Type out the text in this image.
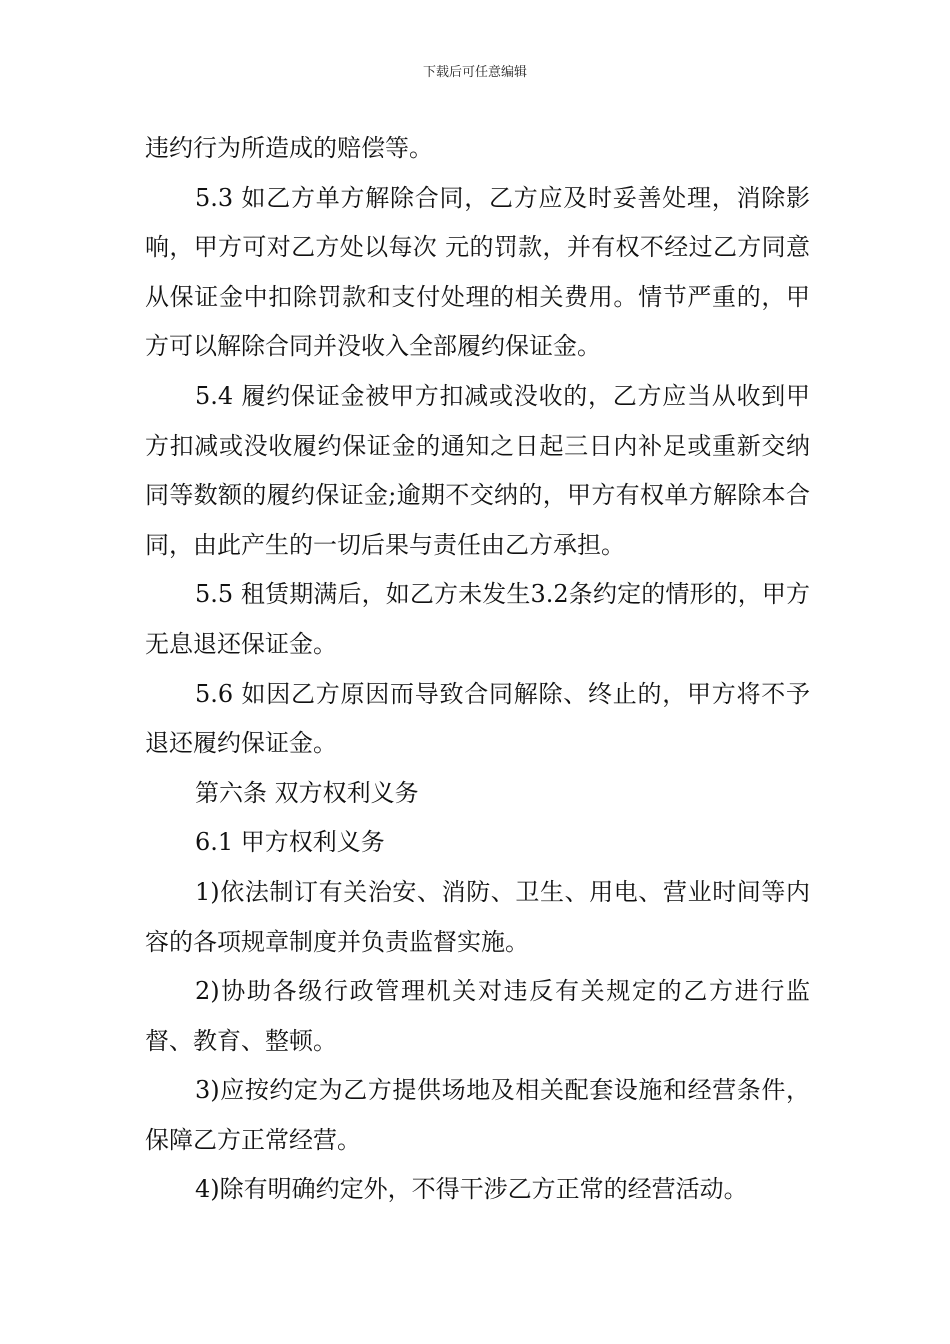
下载后可任意编辑

违约行为所造成的赔偿等。

5.3 如乙方单方解除合同，乙方应及时妥善处理，消除影响，甲方可对乙方处以每次 元的罚款，并有权不经过乙方同意从保证金中扣除罚款和支付处理的相关费用。情节严重的，甲方可以解除合同并没收入全部履约保证金。

5.4 履约保证金被甲方扣减或没收的，乙方应当从收到甲方扣减或没收履约保证金的通知之日起三日内补足或重新交纳同等数额的履约保证金;逾期不交纳的，甲方有权单方解除本合同，由此产生的一切后果与责任由乙方承担。

5.5 租赁期满后，如乙方未发生3.2条约定的情形的，甲方无息退还保证金。

5.6 如因乙方原因而导致合同解除、终止的，甲方将不予退还履约保证金。

第六条 双方权利义务

6.1 甲方权利义务

1)依法制订有关治安、消防、卫生、用电、营业时间等内容的各项规章制度并负责监督实施。

2)协助各级行政管理机关对违反有关规定的乙方进行监督、教育、整顿。

3)应按约定为乙方提供场地及相关配套设施和经营条件，保障乙方正常经营。

4)除有明确约定外，不得干涉乙方正常的经营活动。
